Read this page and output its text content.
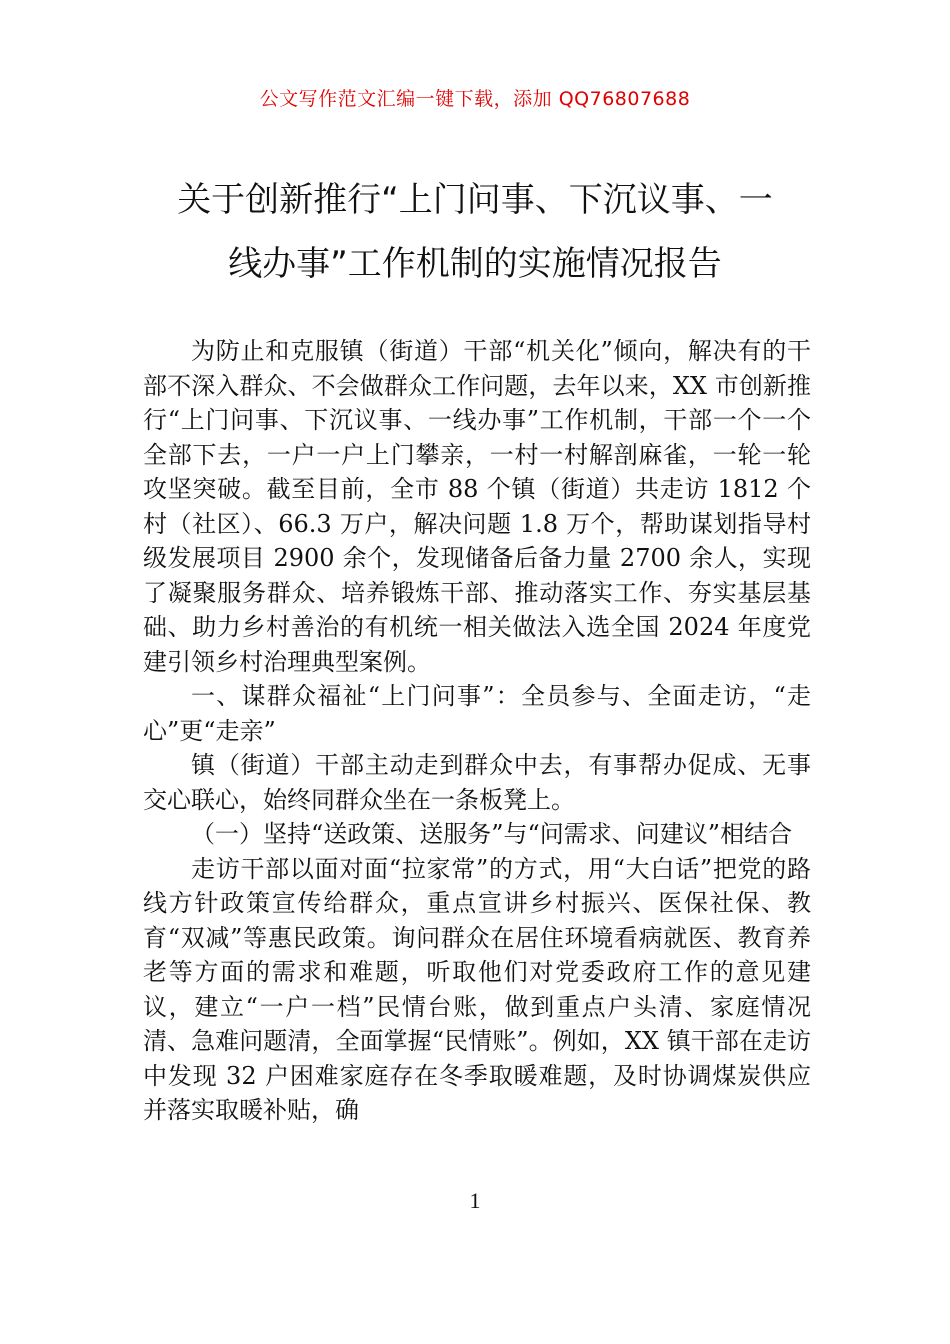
公文写作范文汇编一键下载，添加 QQ76807688
关于创新推行“上门问事、下沉议事、一
线办事”工作机制的实施情况报告

为防止和克服镇（街道）干部“机关化”倾向，解决有的干部不深入群众、不会做群众工作问题，去年以来，XX 市创新推行“上门问事、下沉议事、一线办事”工作机制，干部一个一个全部下去，一户一户上门攀亲，一村一村解剖麻雀，一轮一轮攻坚突破。截至目前，全市 88 个镇（街道）共走访 1812 个村（社区）、66.3 万户，解决问题 1.8 万个，帮助谋划指导村级发展项目 2900 余个，发现储备后备力量 2700 余人，实现了凝聚服务群众、培养锻炼干部、推动落实工作、夯实基层基础、助力乡村善治的有机统一相关做法入选全国 2024 年度党建引领乡村治理典型案例。

一、谋群众福祉“上门问事”：全员参与、全面走访，“走心”更“走亲”

镇（街道）干部主动走到群众中去，有事帮办促成、无事交心联心，始终同群众坐在一条板凳上。

（一）坚持“送政策、送服务”与“问需求、问建议”相结合

走访干部以面对面“拉家常”的方式，用“大白话”把党的路线方针政策宣传给群众，重点宣讲乡村振兴、医保社保、教育“双减”等惠民政策。询问群众在居住环境看病就医、教育养老等方面的需求和难题，听取他们对党委政府工作的意见建议，建立“一户一档”民情台账，做到重点户头清、家庭情况清、急难问题清，全面掌握“民情账”。例如，XX 镇干部在走访中发现 32 户困难家庭存在冬季取暖难题，及时协调煤炭供应并落实取暖补贴，确

1
